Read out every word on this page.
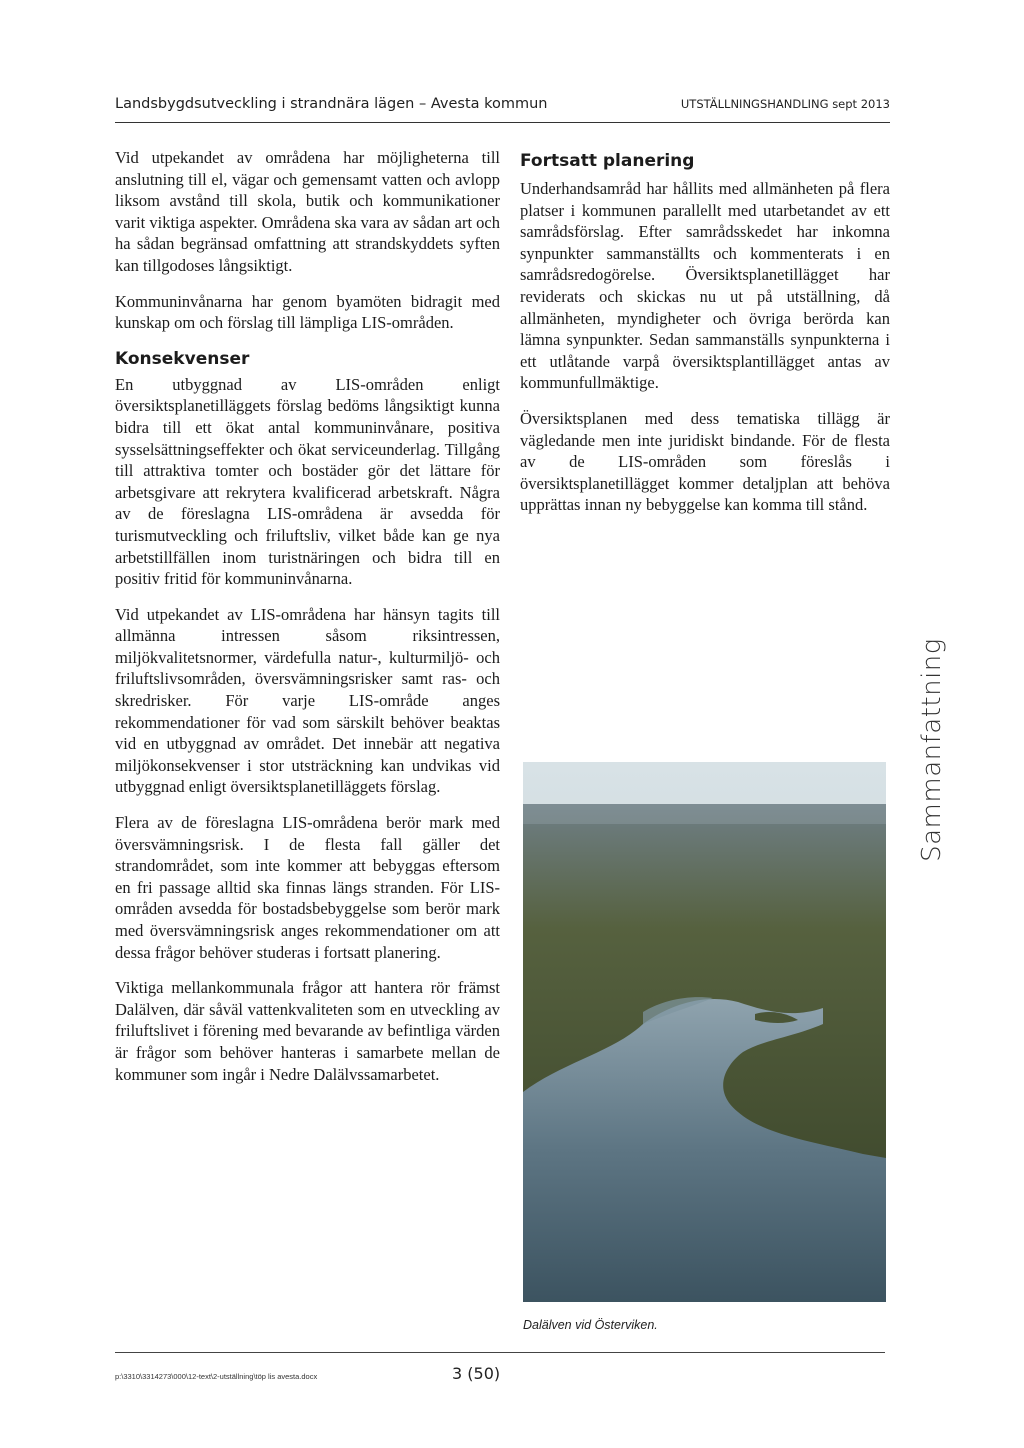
Landsbygdsutveckling i strandnära lägen – Avesta kommun	UTSTÄLLNINGSHANDLING sept 2013

Vid utpekandet av områdena har möjligheterna till anslutning till el, vägar och gemensamt vatten och avlopp liksom avstånd till skola, butik och kommunikationer varit viktiga aspekter. Områdena ska vara av sådan art och ha sådan begränsad omfattning att strandskyddets syften kan tillgodoses långsiktigt.

Kommuninvånarna har genom byamöten bidragit med kunskap om och förslag till lämpliga LIS-områden.

Konsekvenser

En utbyggnad av LIS-områden enligt översiktsplanetilläggets förslag bedöms långsiktigt kunna bidra till ett ökat antal kommuninvånare, positiva sysselsättningseffekter och ökat serviceunderlag. Tillgång till attraktiva tomter och bostäder gör det lättare för arbetsgivare att rekrytera kvalificerad arbetskraft. Några av de föreslagna LIS-områdena är avsedda för turismutveckling och friluftsliv, vilket både kan ge nya arbetstillfällen inom turistnäringen och bidra till en positiv fritid för kommuninvånarna.

Vid utpekandet av LIS-områdena har hänsyn tagits till allmänna intressen såsom riksintressen, miljökvalitetsnormer, värdefulla natur-, kulturmiljö- och friluftslivsområden, översvämningsrisker samt ras- och skredrisker. För varje LIS-område anges rekommendationer för vad som särskilt behöver beaktas vid en utbyggnad av området. Det innebär att negativa miljökonsekvenser i stor utsträckning kan undvikas vid utbyggnad enligt översiktsplanetilläggets förslag.

Flera av de föreslagna LIS-områdena berör mark med översvämningsrisk. I de flesta fall gäller det strandområdet, som inte kommer att bebyggas eftersom en fri passage alltid ska finnas längs stranden. För LIS-områden avsedda för bostadsbebyggelse som berör mark med översvämningsrisk anges rekommendationer om att dessa frågor behöver studeras i fortsatt planering.

Viktiga mellankommunala frågor att hantera rör främst Dalälven, där såväl vattenkvaliteten som en utveckling av friluftslivet i förening med bevarande av befintliga värden är frågor som behöver hanteras i samarbete mellan de kommuner som ingår i Nedre Dalälvssamarbetet.

Fortsatt planering

Underhandsamråd har hållits med allmänheten på flera platser i kommunen parallellt med utarbetandet av ett samrådsförslag. Efter samrådsskedet har inkomna synpunkter sammanställts och kommenterats i en samrådsredogörelse. Översiktsplanetillägget har reviderats och skickas nu ut på utställning, då allmänheten, myndigheter och övriga berörda kan lämna synpunkter. Sedan sammanställs synpunkterna i ett utlåtande varpå översiktsplantillägget antas av kommunfullmäktige.

Översiktsplanen med dess tematiska tillägg är vägledande men inte juridiskt bindande. För de flesta av de LIS-områden som föreslås i översiktsplanetillägget kommer detaljplan att behöva upprättas innan ny bebyggelse kan komma till stånd.

Sammanfattning
Dalälven vid Österviken.
p:\3310\3314273\000\12-text\2-utställning\töp lis avesta.docx	3 (50)
